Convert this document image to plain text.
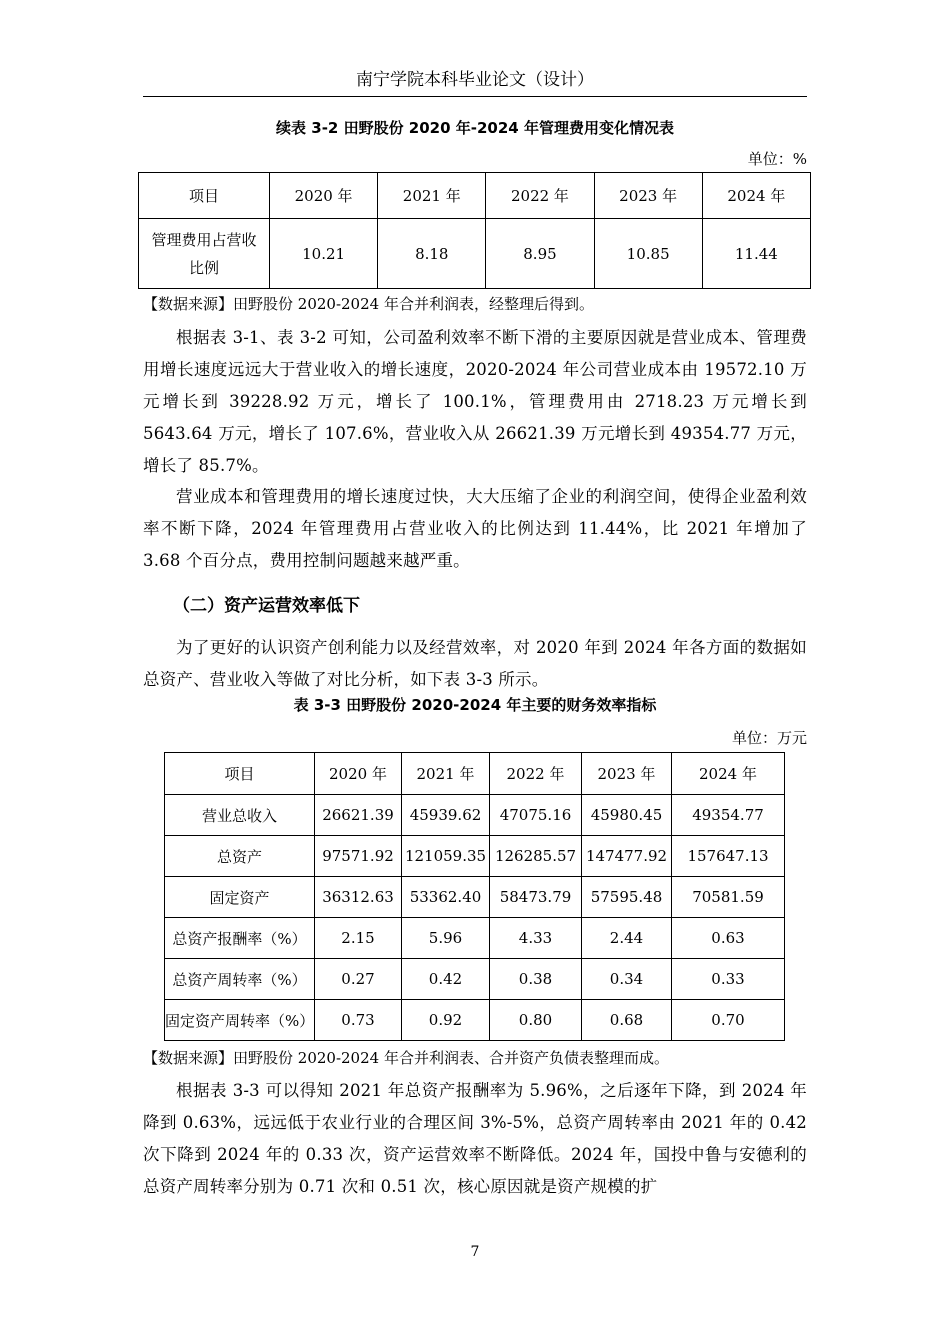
南宁学院本科毕业论文（设计）
续表 3-2 田野股份 2020 年-2024 年管理费用变化情况表
单位：%
项目	2020 年	2021 年	2022 年	2023 年	2024 年
管理费用占营收比例	10.21	8.18	8.95	10.85	11.44
【数据来源】田野股份 2020-2024 年合并利润表，经整理后得到。

根据表 3-1、表 3-2 可知，公司盈利效率不断下滑的主要原因就是营业成本、管理费用增长速度远远大于营业收入的增长速度，2020-2024 年公司营业成本由 19572.10 万元增长到 39228.92 万元，增长了 100.1%，管理费用由 2718.23 万元增长到 5643.64 万元，增长了 107.6%，营业收入从 26621.39 万元增长到 49354.77 万元，增长了 85.7%。

营业成本和管理费用的增长速度过快，大大压缩了企业的利润空间，使得企业盈利效率不断下降，2024 年管理费用占营业收入的比例达到 11.44%，比 2021 年增加了 3.68 个百分点，费用控制问题越来越严重。

（二）资产运营效率低下

为了更好的认识资产创利能力以及经营效率，对 2020 年到 2024 年各方面的数据如总资产、营业收入等做了对比分析，如下表 3-3 所示。

表 3-3 田野股份 2020-2024 年主要的财务效率指标
单位：万元
项目	2020 年	2021 年	2022 年	2023 年	2024 年
营业总收入	26621.39	45939.62	47075.16	45980.45	49354.77
总资产	97571.92	121059.35	126285.57	147477.92	157647.13
固定资产	36312.63	53362.40	58473.79	57595.48	70581.59
总资产报酬率（%）	2.15	5.96	4.33	2.44	0.63
总资产周转率（%）	0.27	0.42	0.38	0.34	0.33
固定资产周转率（%）	0.73	0.92	0.80	0.68	0.70
【数据来源】田野股份 2020-2024 年合并利润表、合并资产负债表整理而成。

根据表 3-3 可以得知 2021 年总资产报酬率为 5.96%，之后逐年下降，到 2024 年降到 0.63%，远远低于农业行业的合理区间 3%-5%，总资产周转率由 2021 年的 0.42 次下降到 2024 年的 0.33 次，资产运营效率不断降低。2024 年，国投中鲁与安德利的总资产周转率分别为 0.71 次和 0.51 次，核心原因就是资产规模的扩

7
